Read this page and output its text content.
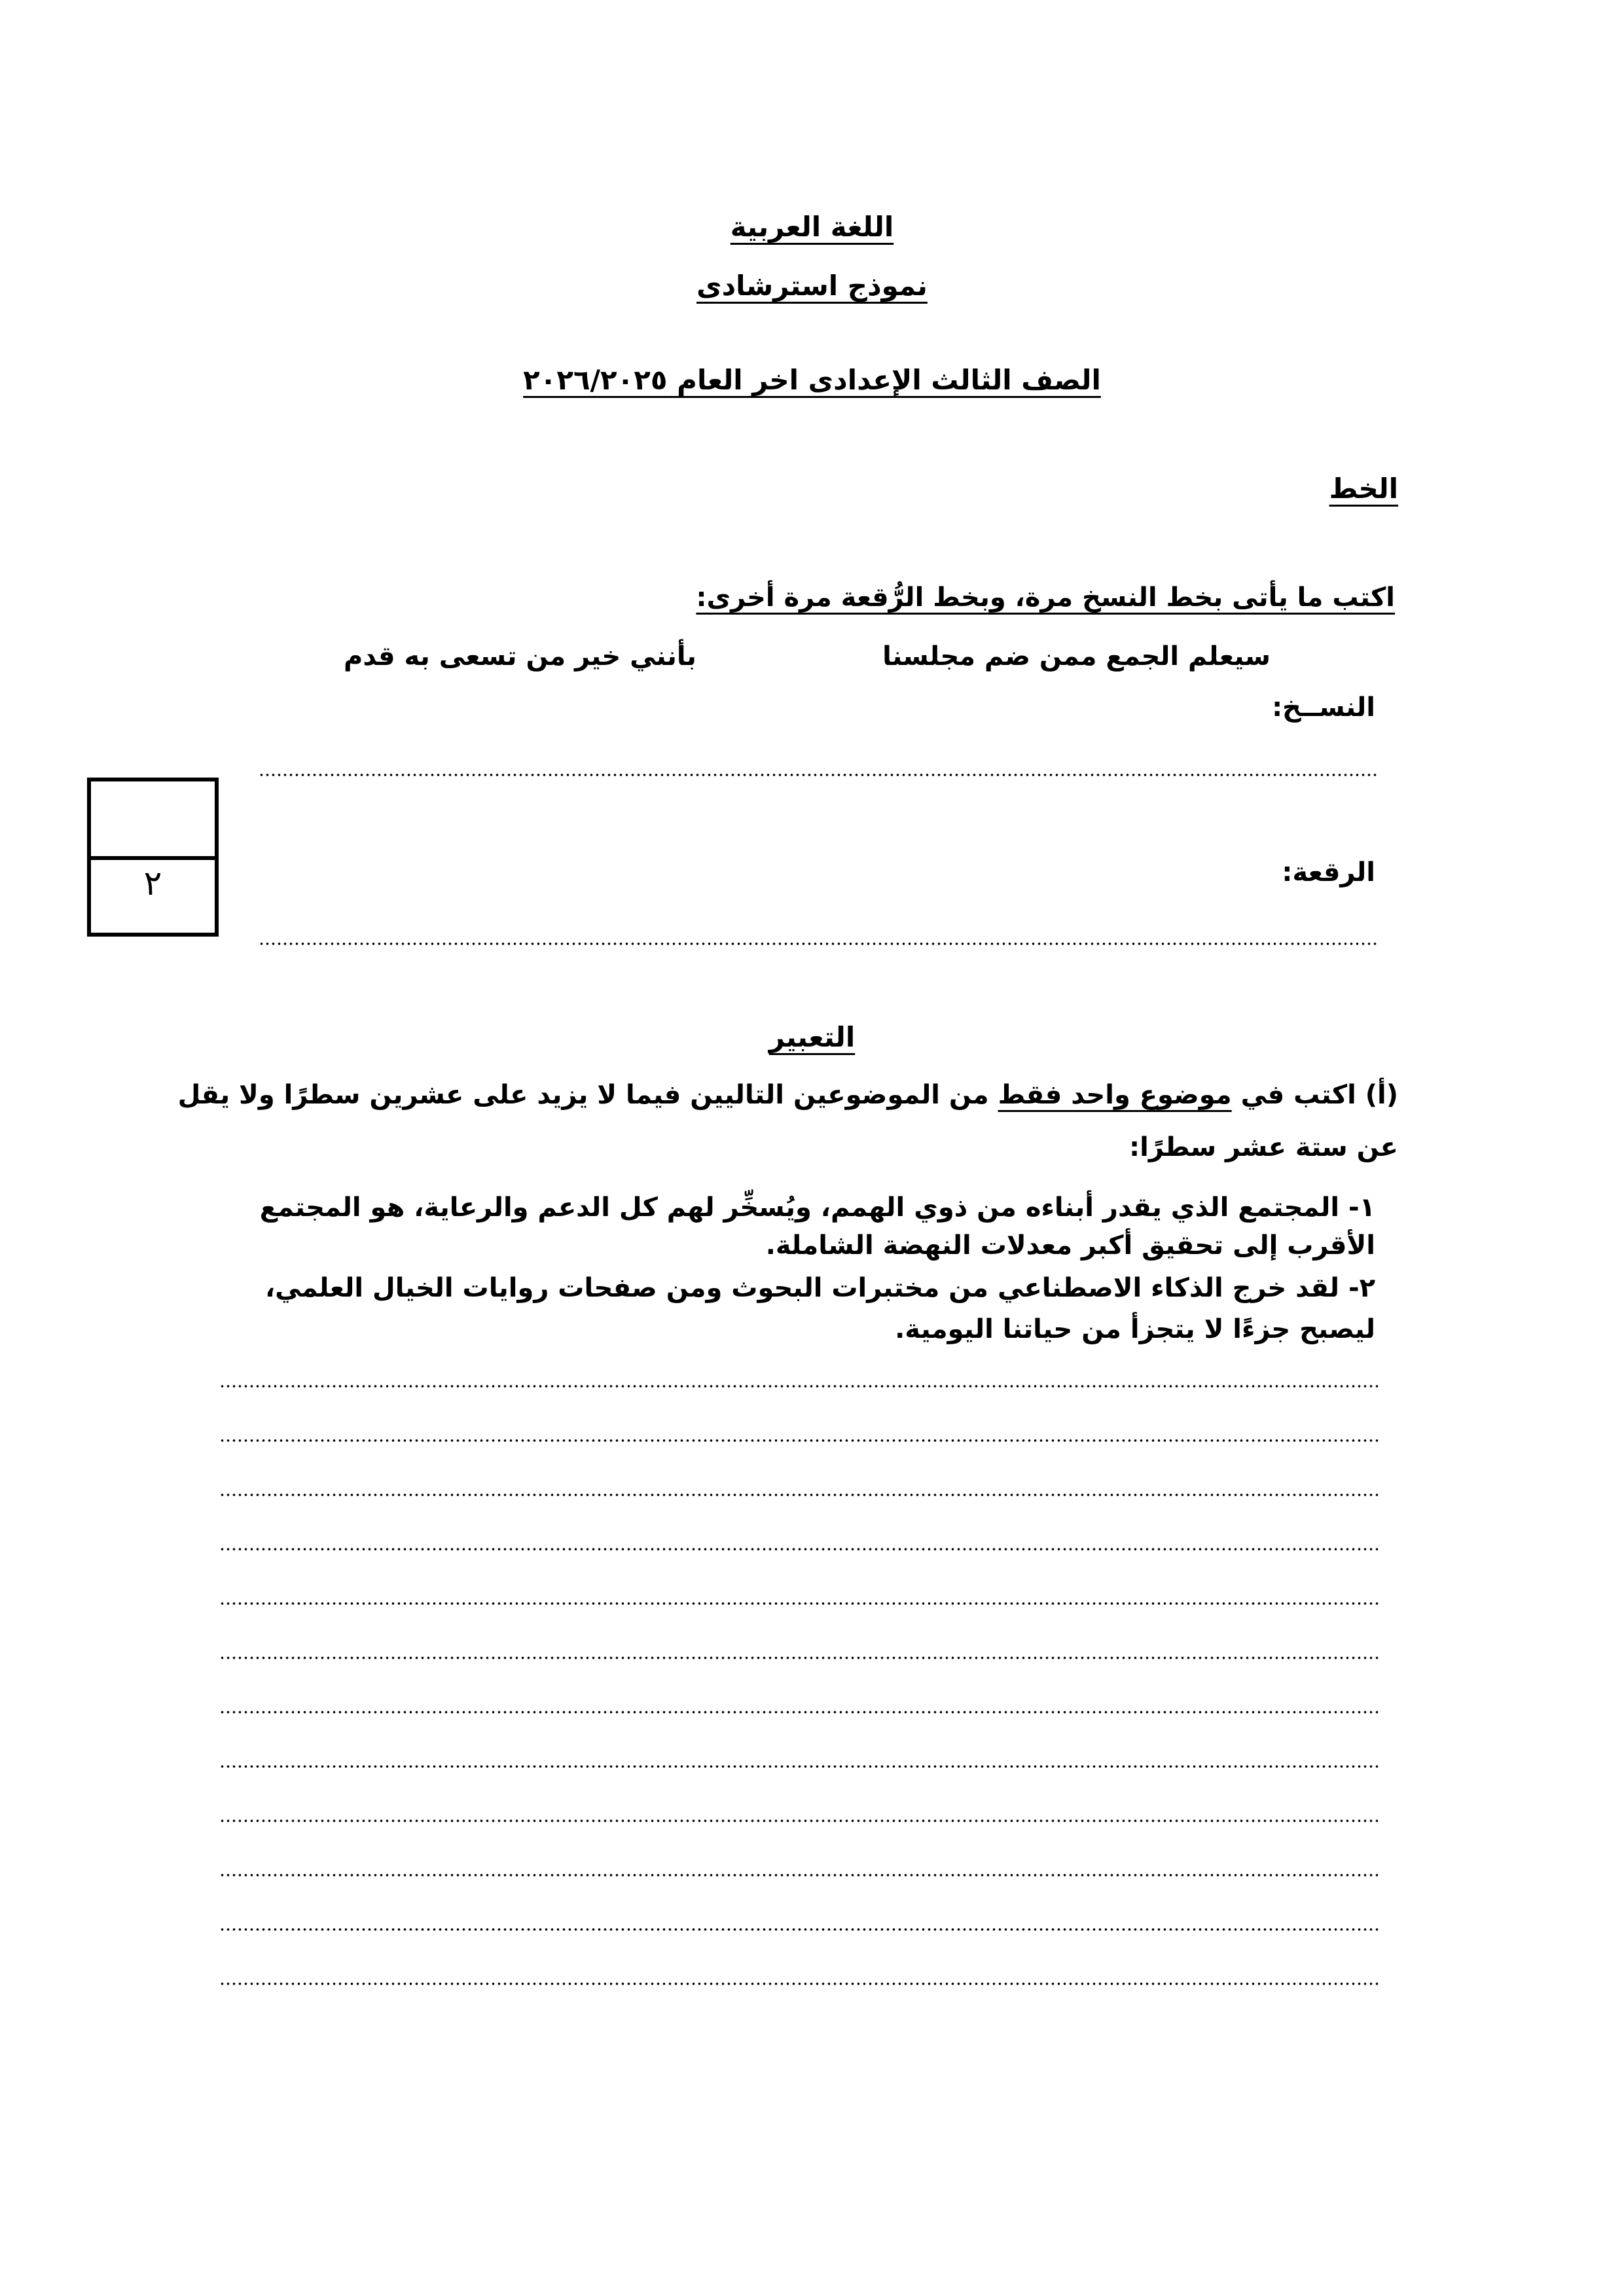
اللغة العربية
نموذج استرشادى
الصف الثالث الإعدادى اخر العام ٢٠٢٦/٢٠٢٥
الخط
اكتب ما يأتى بخط النسخ مرة، وبخط الرُّقعة مرة أخرى:
سيعلم الجمع ممن ضم مجلسنا
بأنني خير من تسعى به قدم
النســخ:
الرقعة:
٢
التعبير
(أ) اكتب في موضوع واحد فقط من الموضوعين التاليين فيما لا يزيد على عشرين سطرًا ولا يقل
عن ستة عشر سطرًا:
١- المجتمع الذي يقدر أبناءه من ذوي الهمم، ويُسخِّر لهم كل الدعم والرعاية، هو المجتمع
الأقرب إلى تحقيق أكبر معدلات النهضة الشاملة.
٢- لقد خرج الذكاء الاصطناعي من مختبرات البحوث ومن صفحات روايات الخيال العلمي،
ليصبح جزءًا لا يتجزأ من حياتنا اليومية.
